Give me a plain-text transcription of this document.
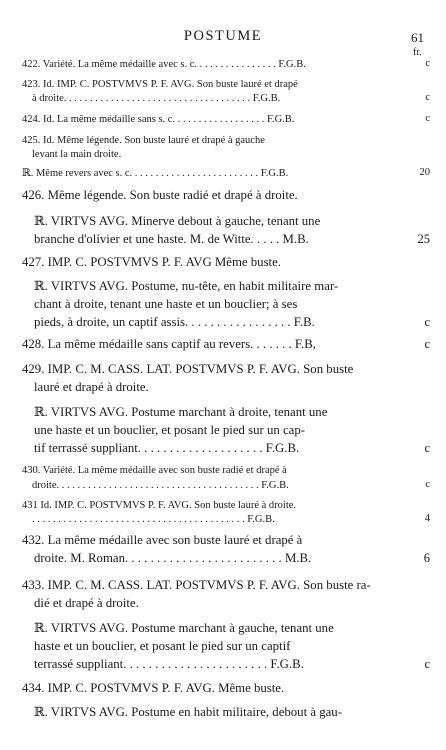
POSTUME	61
fr.
422. Variété. La même médaille avec s. c. . . . . . . . . . . . . . . . F.G.B.	c
423. Id. IMP. C. POSTVMVS P. F. AVG. Son buste lauré et drapé
à droite. . . . . . . . . . . . . . . . . . . . . . . . . . . . . . . . . . . . F.G.B.	c
424. Id. La même médaille sans s. c. . . . . . . . . . . . . . . . . . F.G.B.	c
425. Id. Même légende. Son buste lauré et drapé à gauche
levant la main droite.
ℝ. Même revers avec s. c. . . . . . . . . . . . . . . . . . . . . . . . . F.G.B.	20
426. Même légende. Son buste radié et drapé à droite.
ℝ. VIRTVS AVG. Minerve debout à gauche, tenant une
branche d'olivier et une haste. M. de Witte. . . . . M.B.	25
427. IMP. C. POSTVMVS P. F. AVG Même buste.
ℝ. VIRTVS AVG. Postume, nu-tête, en habit militaire mar-
chant à droite, tenant une haste et un bouclier; à ses
pieds, à droite, un captif assis. . . . . . . . . . . . . . . . . F.B.	c
428. La même médaille sans captif au revers. . . . . . . F.B,	c
429. IMP. C. M. CASS. LAT. POSTVMVS P. F. AVG. Son buste
lauré et drapé à droite.
ℝ. VIRTVS AVG. Postume marchant à droite, tenant une
une haste et un bouclier, et posant le pied sur un cap-
tif terrassé suppliant. . . . . . . . . . . . . . . . . . . . F.G.B.	c
430. Variété. La même médaille avec son buste radié et drapé à
droite. . . . . . . . . . . . . . . . . . . . . . . . . . . . . . . . . . . . . . . F.G.B.	c
431 Id. IMP. C. POSTVMVS P. F. AVG. Son buste lauré à droite.
. . . . . . . . . . . . . . . . . . . . . . . . . . . . . . . . . . . . . . . . . F.G.B.	4
432. La même médaille avec son buste lauré et drapé à
droite. M. Roman. . . . . . . . . . . . . . . . . . . . . . . . . M.B.	6
433. IMP. C. M. CASS. LAT. POSTVMVS P. F. AVG. Son buste ra-
dié et drapé à droite.
ℝ. VIRTVS AVG. Postume marchant à gauche, tenant une
haste et un bouclier, et posant le pied sur un captif
terrassé suppliant. . . . . . . . . . . . . . . . . . . . . . . F.G.B.	c
434. IMP. C. POSTVMVS P. F. AVG. Même buste.
ℝ. VIRTVS AVG. Postume en habit militaire, debout à gau-
